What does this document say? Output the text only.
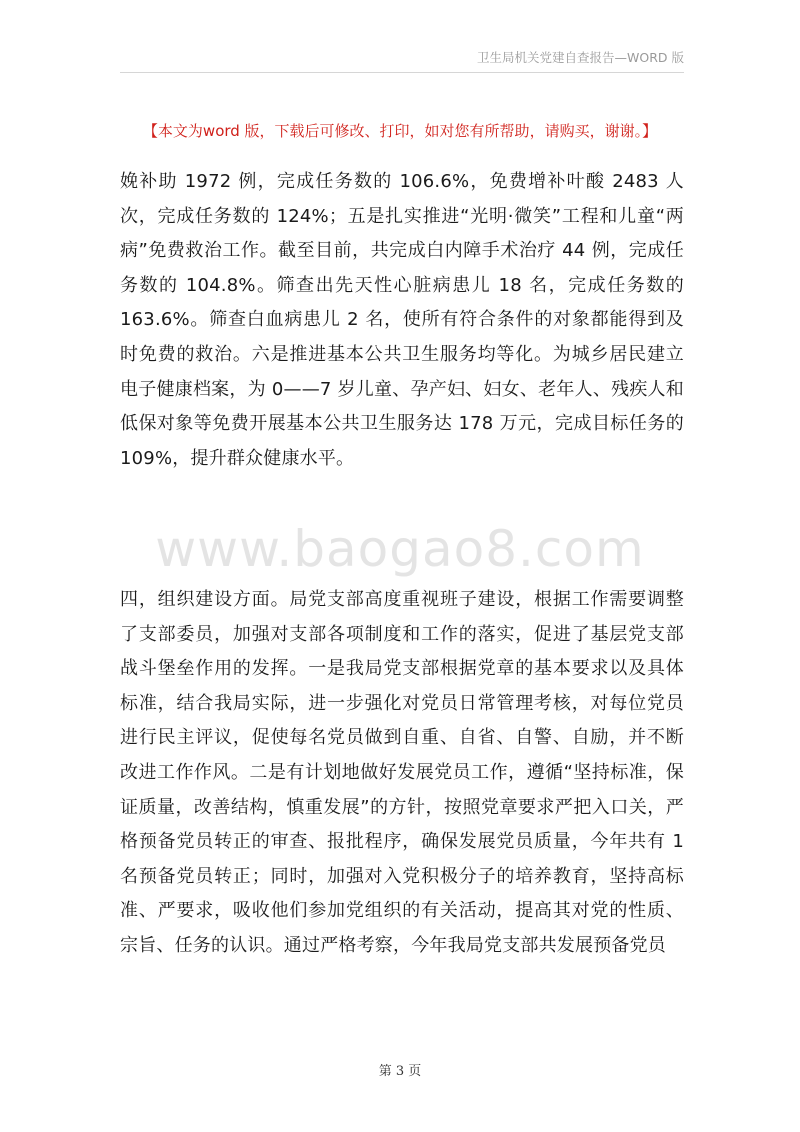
卫生局机关党建自查报告—WORD 版
【本文为word 版，下载后可修改、打印，如对您有所帮助，请购买，谢谢。】

娩补助 1972 例，完成任务数的 106.6%，免费增补叶酸 2483 人次，完成任务数的 124%；五是扎实推进“光明·微笑”工程和儿童“两病”免费救治工作。截至目前，共完成白内障手术治疗 44 例，完成任务数的 104.8%。筛查出先天性心脏病患儿 18 名，完成任务数的 163.6%。筛查白血病患儿 2 名，使所有符合条件的对象都能得到及时免费的救治。六是推进基本公共卫生服务均等化。为城乡居民建立电子健康档案，为 0——7 岁儿童、孕产妇、妇女、老年人、残疾人和低保对象等免费开展基本公共卫生服务达 178 万元，完成目标任务的 109%，提升群众健康水平。

www.baogao8.com

四，组织建设方面。局党支部高度重视班子建设，根据工作需要调整了支部委员，加强对支部各项制度和工作的落实，促进了基层党支部战斗堡垒作用的发挥。一是我局党支部根据党章的基本要求以及具体标准，结合我局实际，进一步强化对党员日常管理考核，对每位党员进行民主评议，促使每名党员做到自重、自省、自警、自励，并不断改进工作作风。二是有计划地做好发展党员工作，遵循“坚持标准，保证质量，改善结构，慎重发展”的方针，按照党章要求严把入口关，严格预备党员转正的审查、报批程序，确保发展党员质量，今年共有 1 名预备党员转正；同时，加强对入党积极分子的培养教育，坚持高标准、严要求，吸收他们参加党组织的有关活动，提高其对党的性质、宗旨、任务的认识。通过严格考察，今年我局党支部共发展预备党员

第 3 页
